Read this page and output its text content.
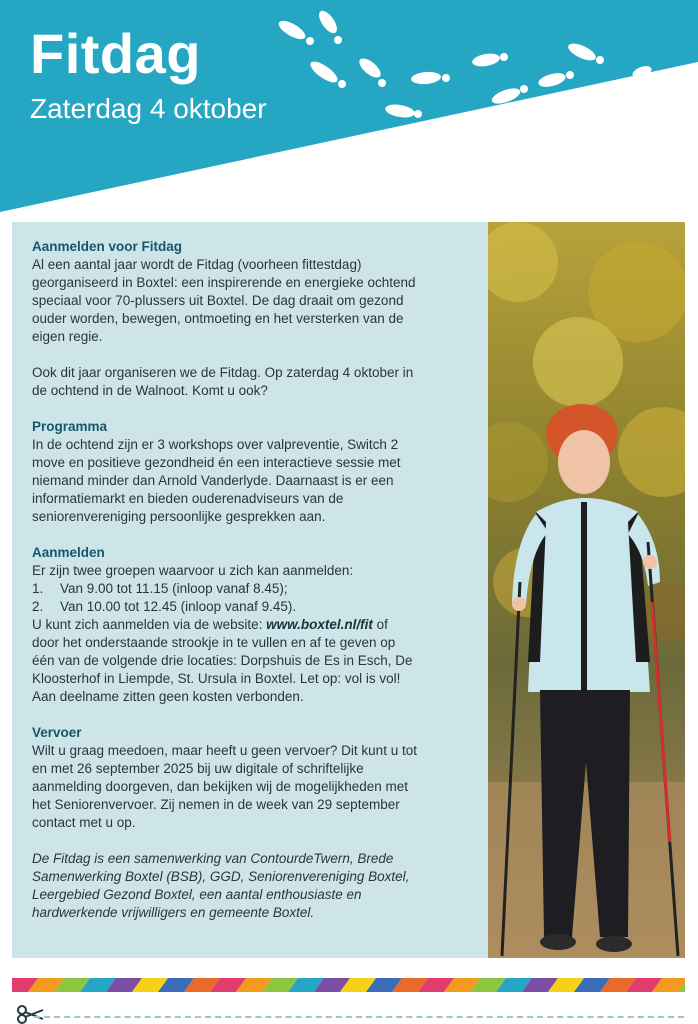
Fitdag
Zaterdag 4 oktober
Aanmelden voor Fitdag
Al een aantal jaar wordt de Fitdag (voorheen fittestdag)
georganiseerd in Boxtel: een inspirerende en energieke ochtend
speciaal voor 70-plussers uit Boxtel. De dag draait om gezond
ouder worden, bewegen, ontmoeting en het versterken van de
eigen regie.
Ook dit jaar organiseren we de Fitdag. Op zaterdag 4 oktober in
de ochtend in de Walnoot. Komt u ook?
Programma
In de ochtend zijn er 3 workshops over valpreventie, Switch 2
move en positieve gezondheid én een interactieve sessie met
niemand minder dan Arnold Vanderlyde. Daarnaast is er een
informatiemarkt en bieden ouderenadviseurs van de
seniorenvereniging persoonlijke gesprekken aan.
Aanmelden
Er zijn twee groepen waarvoor u zich kan aanmelden:
1.	Van 9.00 tot 11.15 (inloop vanaf 8.45);
2.	Van 10.00 tot 12.45 (inloop vanaf 9.45).
U kunt zich aanmelden via de website: www.boxtel.nl/fit of
door het onderstaande strookje in te vullen en af te geven op
één van de volgende drie locaties: Dorpshuis de Es in Esch, De
Kloosterhof in Liempde, St. Ursula in Boxtel. Let op: vol is vol!
Aan deelname zitten geen kosten verbonden.
Vervoer
Wilt u graag meedoen, maar heeft u geen vervoer? Dit kunt u tot
en met 26 september 2025 bij uw digitale of schriftelijke
aanmelding doorgeven, dan bekijken wij de mogelijkheden met
het Seniorenvervoer. Zij nemen in de week van 29 september
contact met u op.
De Fitdag is een samenwerking van ContourdeTwern, Brede
Samenwerking Boxtel (BSB), GGD, Seniorenvereniging Boxtel,
Leergebied Gezond Boxtel, een aantal enthousiaste en
hardwerkende vrijwilligers en gemeente Boxtel.
